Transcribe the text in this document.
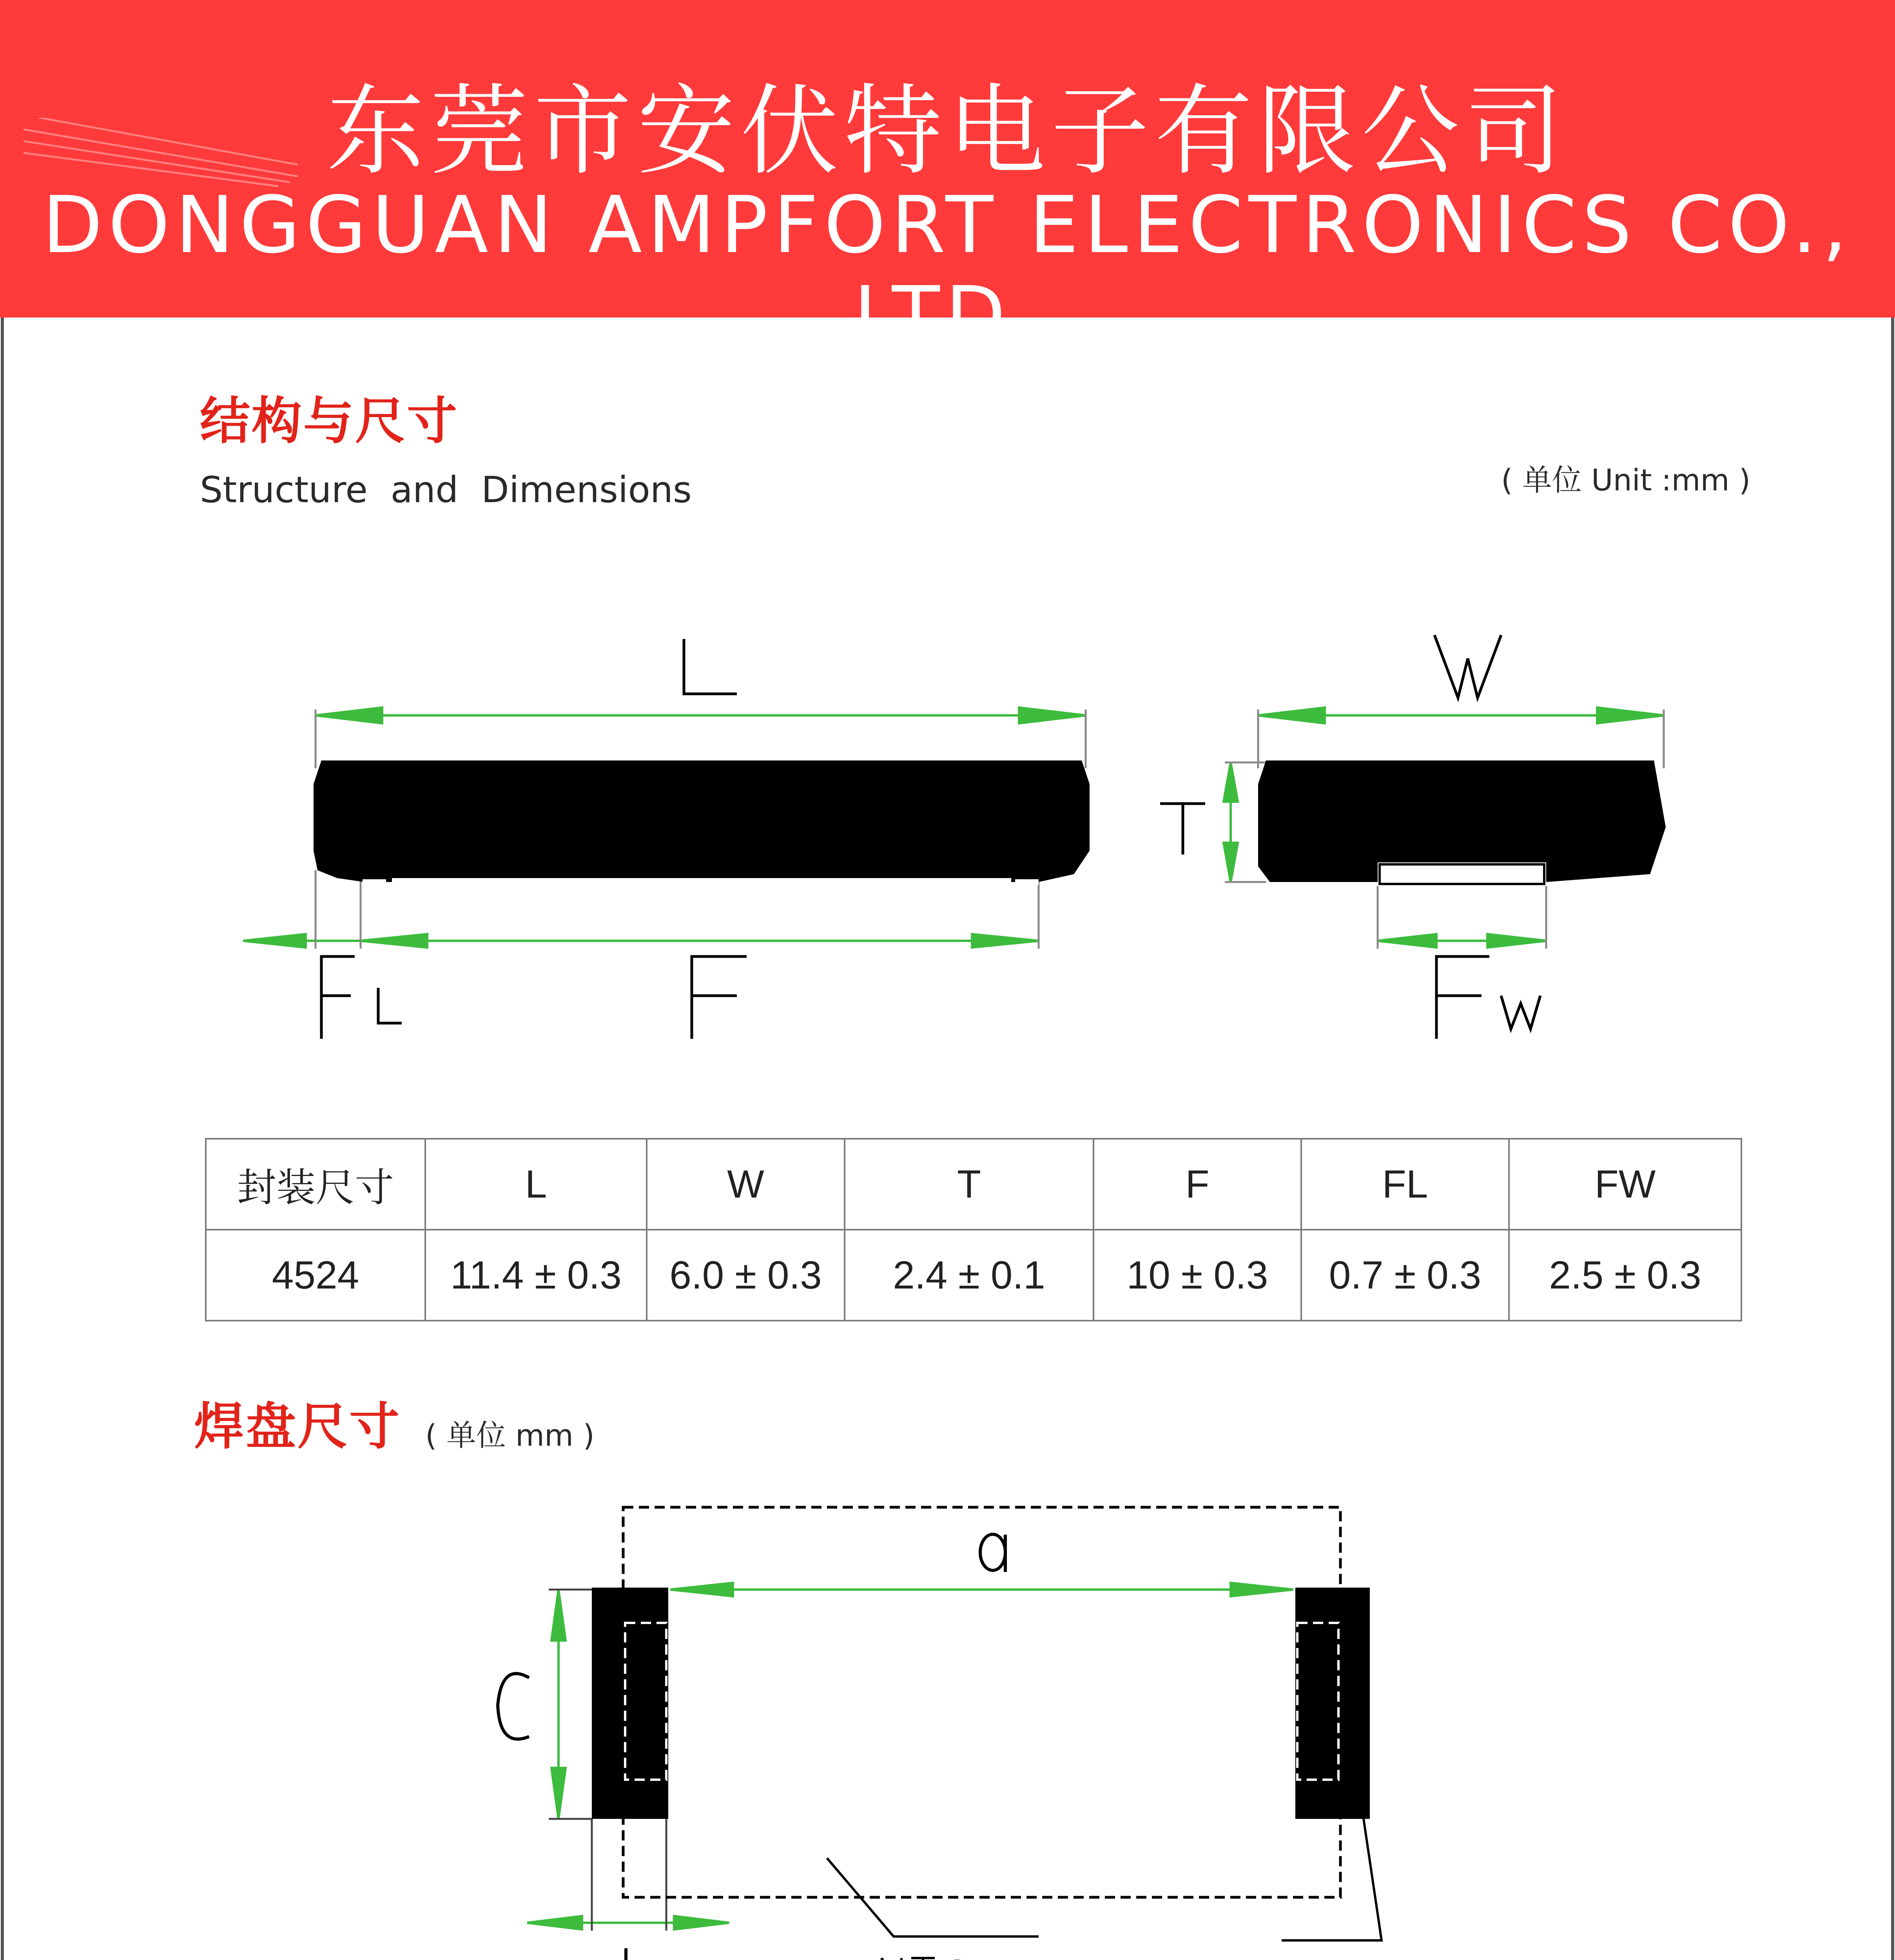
东莞市安伏特电子有限公司
DONGGUAN AMPFORT ELECTRONICS CO., LTD.
结构与尺寸
Structure  and  Dimensions	( 单位 Unit :mm )
封装尺寸	L	W	T	F	FL	FW
4524	11.4 ± 0.3	6.0 ± 0.3	2.4 ± 0.1	10 ± 0.3	0.7 ± 0.3	2.5 ± 0.3
焊盘尺寸 ( 单位 mm )
